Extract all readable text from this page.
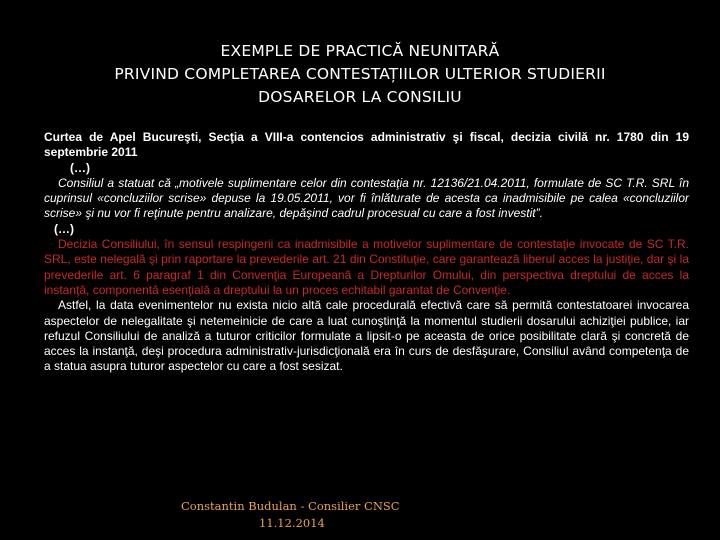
EXEMPLE DE PRACTICĂ NEUNITARĂ
PRIVIND COMPLETAREA CONTESTAȚIILOR ULTERIOR STUDIERII
DOSARELOR LA CONSILIU

Curtea de Apel Bucureşti, Secţia a VIII-a contencios administrativ şi fiscal, decizia civilă nr. 1780 din 19 septembrie 2011

(…)

Consiliul a statuat că „motivele suplimentare celor din contestaţia nr. 12136/21.04.2011, formulate de SC T.R. SRL în cuprinsul «concluziilor scrise» depuse la 19.05.2011, vor fi înlăturate de acesta ca inadmisibile pe calea «concluziilor scrise» şi nu vor fi reţinute pentru analizare, depăşind cadrul procesual cu care a fost investit”.

(…)

Decizia Consiliului, în sensul respingerii ca inadmisibile a motivelor suplimentare de contestaţie invocate de SC T.R. SRL, este nelegală şi prin raportare la prevederile art. 21 din Constituţie, care garantează liberul acces la justiţie, dar şi la prevederile art. 6 paragraf 1 din Convenţia Europeană a Drepturilor Omului, din perspectiva dreptului de acces la instanţă, componentă esenţială a dreptului la un proces echitabil garantat de Convenţie.

Astfel, la data evenimentelor nu exista nicio altă cale procedurală efectivă care să permită contestatoarei invocarea aspectelor de nelegalitate şi netemeinicie de care a luat cunoştinţă la momentul studierii dosarului achiziţiei publice, iar refuzul Consiliului de analiză a tuturor criticilor formulate a lipsit-o pe aceasta de orice posibilitate clară şi concretă de acces la instanţă, deşi procedura administrativ-jurisdicţională era în curs de desfăşurare, Consiliul având competenţa de a statua asupra tuturor aspectelor cu care a fost sesizat.

Constantin Budulan - Consilier CNSC
11.12.2014
